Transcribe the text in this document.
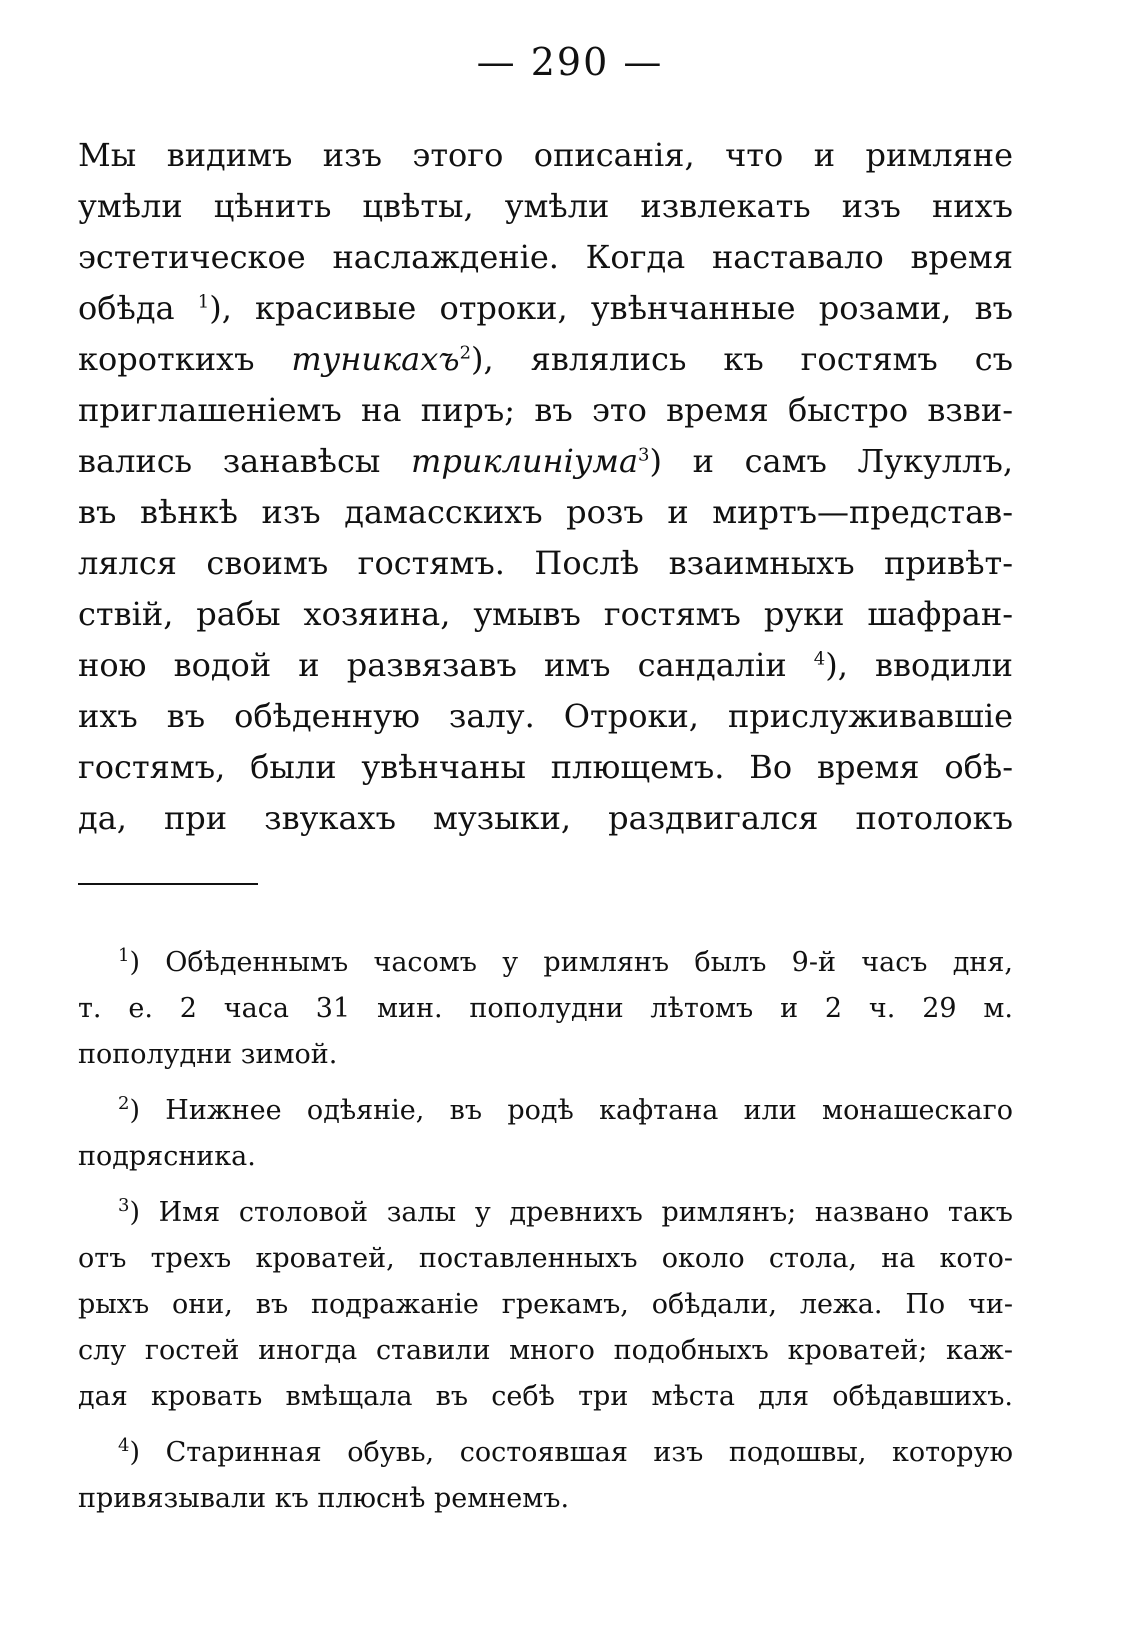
— 290 —
Мы видимъ изъ этого описанія, что и римляне
умѣли цѣнить цвѣты, умѣли извлекать изъ нихъ
эстетическое наслажденіе. Когда наставало время
обѣда $^1$), красивые отроки, увѣнчанные розами, въ
короткихъ туникахъ$^2$), являлись къ гостямъ съ
приглашеніемъ на пиръ; въ это время быстро взви-
вались занавѣсы триклиніума$^3$) и самъ Лукуллъ,
въ вѣнкѣ изъ дамасскихъ розъ и миртъ—представ-
лялся своимъ гостямъ. Послѣ взаимныхъ привѣт-
ствій, рабы хозяина, умывъ гостямъ руки шафран-
ною водой и развязавъ имъ сандаліи $^4$), вводили
ихъ въ обѣденную залу. Отроки, прислуживавшіе
гостямъ, были увѣнчаны плющемъ. Во время обѣ-
да, при звукахъ музыки, раздвигался потолокъ
$^1$) Обѣденнымъ часомъ у римлянъ былъ 9-й часъ дня,
т. е. 2 часа 31 мин. пополудни лѣтомъ и 2 ч. 29 м.
пополудни зимой.
$^2$) Нижнее одѣяніе, въ родѣ кафтана или монашескаго
подрясника.
$^3$) Имя столовой залы у древнихъ римлянъ; названо такъ
отъ трехъ кроватей, поставленныхъ около стола, на кото-
рыхъ они, въ подражаніе грекамъ, обѣдали, лежа. По чи-
слу гостей иногда ставили много подобныхъ кроватей; каж-
дая кровать вмѣщала въ себѣ три мѣста для обѣдавшихъ.
$^4$) Старинная обувь, состоявшая изъ подошвы, которую
привязывали къ плюснѣ ремнемъ.
